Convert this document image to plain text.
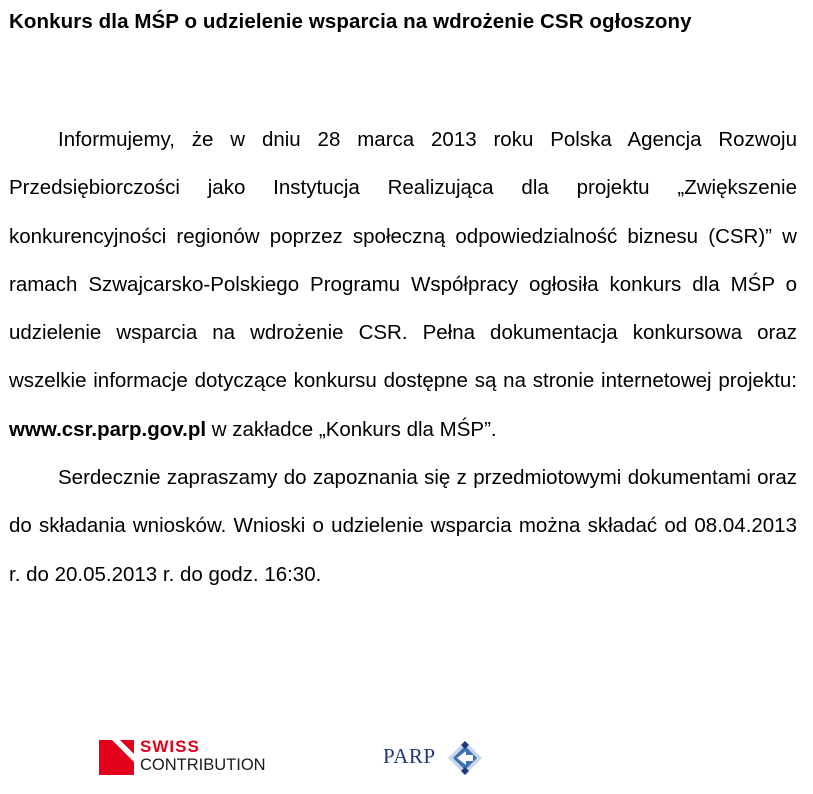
Konkurs dla MŚP o udzielenie wsparcia na wdrożenie CSR ogłoszony

Informujemy, że w dniu 28 marca 2013 roku Polska Agencja Rozwoju Przedsiębiorczości jako Instytucja Realizująca dla projektu „Zwiększenie konkurencyjności regionów poprzez społeczną odpowiedzialność biznesu (CSR)” w ramach Szwajcarsko-Polskiego Programu Współpracy ogłosiła konkurs dla MŚP o udzielenie wsparcia na wdrożenie CSR. Pełna dokumentacja konkursowa oraz wszelkie informacje dotyczące konkursu dostępne są na stronie internetowej projektu: www.csr.parp.gov.pl w zakładce „Konkurs dla MŚP”.

Serdecznie zapraszamy do zapoznania się z przedmiotowymi dokumentami oraz do składania wniosków. Wnioski o udzielenie wsparcia można składać od 08.04.2013 r. do 20.05.2013 r. do godz. 16:30.

SWISS
CONTRIBUTION	PARP
